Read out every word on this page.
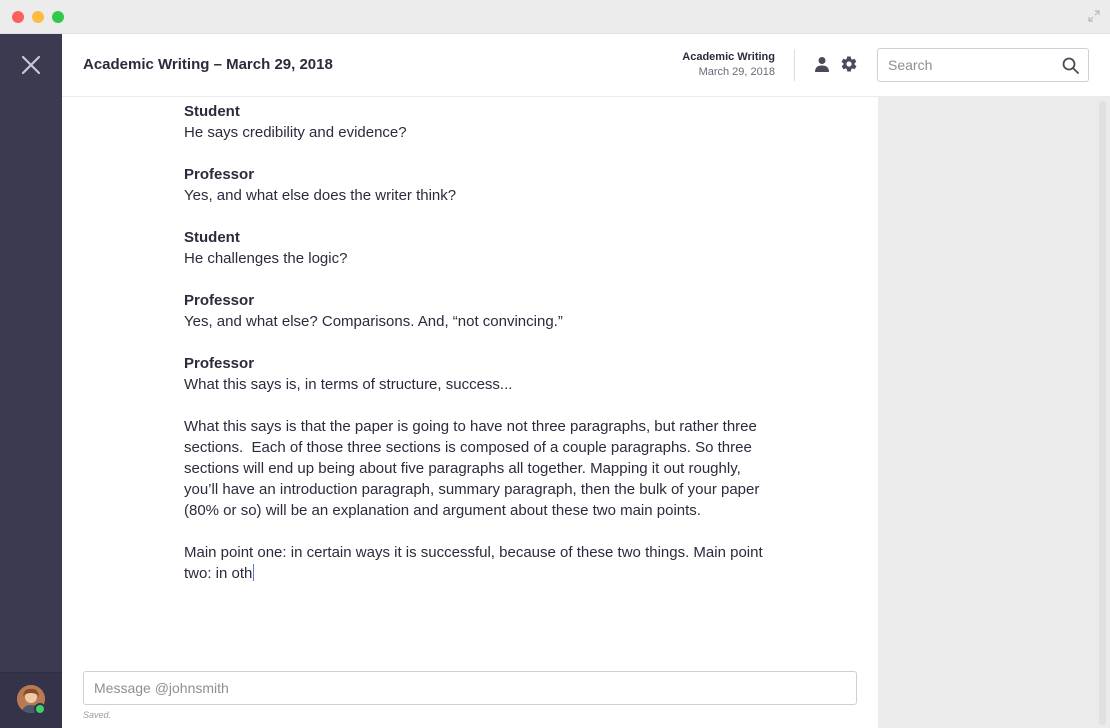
Academic Writing – March 29, 2018	Academic Writing
March 29, 2018
Search
Student
He says credibility and evidence?
Professor
Yes, and what else does the writer think?
Student
He challenges the logic?
Professor
Yes, and what else? Comparisons. And, “not convincing.”
Professor
What this says is, in terms of structure, success...
What this says is that the paper is going to have not three paragraphs, but rather three sections.  Each of those three sections is composed of a couple paragraphs. So three sections will end up being about five paragraphs all together. Mapping it out roughly, you’ll have an introduction paragraph, summary paragraph, then the bulk of your paper (80% or so) will be an explanation and argument about these two main points.
Main point one: in certain ways it is successful, because of these two things. Main point two: in oth
Message @johnsmith
Saved.
